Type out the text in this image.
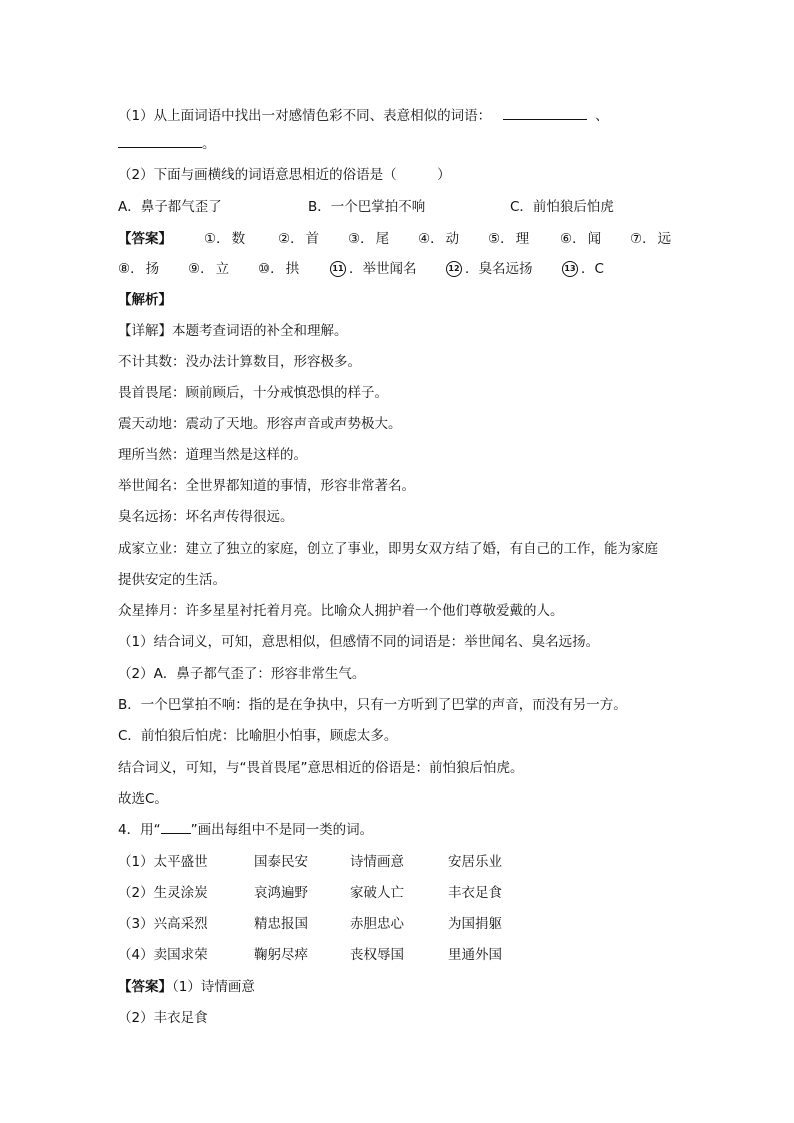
（1）从上面词语中找出一对感情色彩不同、表意相似的词语：	、
。
（2）下面与画横线的词语意思相近的俗语是（　　　）
A．鼻子都气歪了	B．一个巴掌拍不响	C．前怕狼后怕虎
【答案】 ①． 数 ②． 首 ③． 尾 ④． 动 ⑤． 理 ⑥． 闻 ⑦． 远
⑧． 扬 ⑨． 立 ⑩． 拱	11 ．举世闻名	12 ．臭名远扬	13 ．C
【解析】
【详解】本题考查词语的补全和理解。
不计其数：没办法计算数目，形容极多。
畏首畏尾：顾前顾后，十分戒慎恐惧的样子。
震天动地：震动了天地。形容声音或声势极大。
理所当然：道理当然是这样的。
举世闻名：全世界都知道的事情，形容非常著名。
臭名远扬：坏名声传得很远。
成家立业：建立了独立的家庭，创立了事业，即男女双方结了婚，有自己的工作，能为家庭
提供安定的生活。
众星捧月：许多星星衬托着月亮。比喻众人拥护着一个他们尊敬爱戴的人。
（1）结合词义，可知，意思相似，但感情不同的词语是：举世闻名、臭名远扬。
（2）A．鼻子都气歪了：形容非常生气。
B．一个巴掌拍不响：指的是在争执中，只有一方听到了巴掌的声音，而没有另一方。
C．前怕狼后怕虎：比喻胆小怕事，顾虑太多。
结合词义，可知，与“畏首畏尾”意思相近的俗语是：前怕狼后怕虎。
故选C。
4．用“ ”画出每组中不是同一类的词。
（1）太平盛世	国泰民安	诗情画意	安居乐业
（2）生灵涂炭	哀鸿遍野	家破人亡	丰衣足食
（3）兴高采烈	精忠报国	赤胆忠心	为国捐躯
（4）卖国求荣	鞠躬尽瘁	丧权辱国	里通外国
【答案】（1）诗情画意
（2）丰衣足食
